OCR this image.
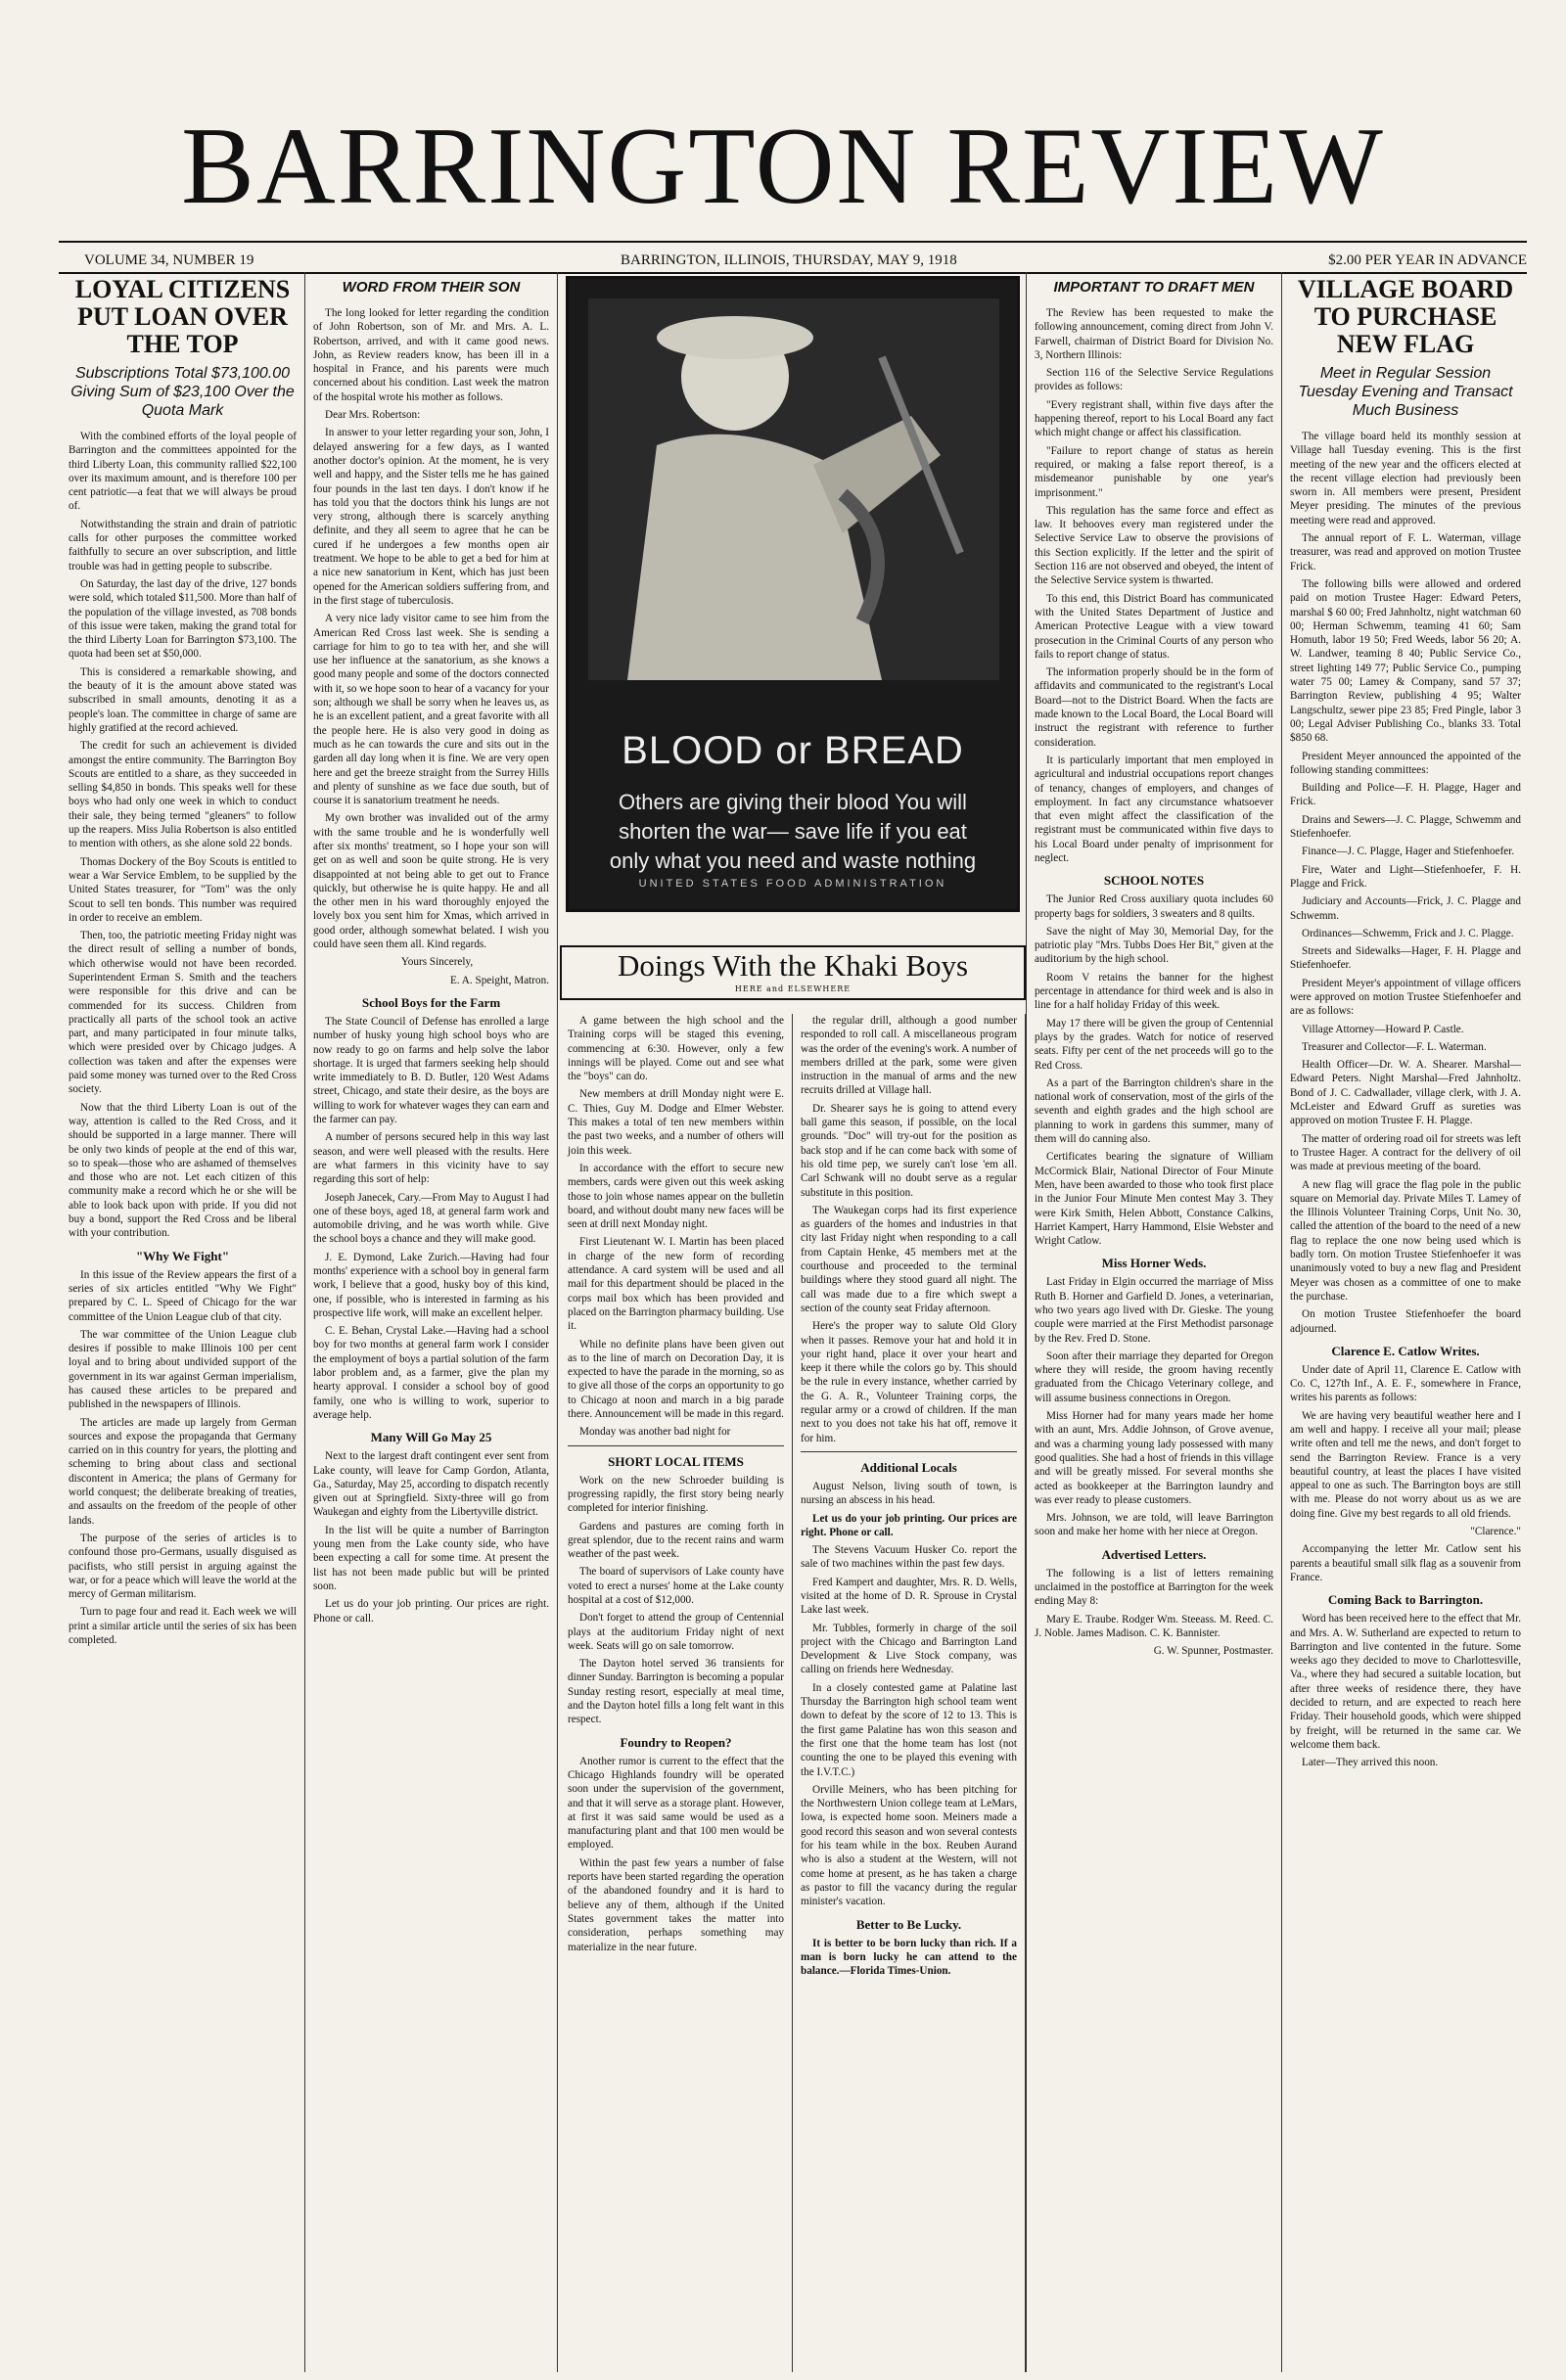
BARRINGTON REVIEW
VOLUME 34, NUMBER 19	BARRINGTON, ILLINOIS, THURSDAY, MAY 9, 1918	$2.00 PER YEAR IN ADVANCE
LOYAL CITIZENS PUT LOAN OVER THE TOP
Subscriptions Total $73,100.00 Giving Sum of $23,100 Over the Quota Mark

With the combined efforts of the loyal people of Barrington and the committees appointed for the third Liberty Loan, this community rallied $22,100 over its maximum amount, and is therefore 100 per cent patriotic—a feat that we will always be proud of.

Notwithstanding the strain and drain of patriotic calls for other purposes the committee worked faithfully to secure an over subscription, and little trouble was had in getting people to subscribe.

On Saturday, the last day of the drive, 127 bonds were sold, which totaled $11,500. More than half of the population of the village invested, as 708 bonds of this issue were taken, making the grand total for the third Liberty Loan for Barrington $73,100. The quota had been set at $50,000.

This is considered a remarkable showing, and the beauty of it is the amount above stated was subscribed in small amounts, denoting it as a people's loan. The committee in charge of same are highly gratified at the record achieved.

The credit for such an achievement is divided amongst the entire community. The Barrington Boy Scouts are entitled to a share, as they succeeded in selling $4,850 in bonds. This speaks well for these boys who had only one week in which to conduct their sale, they being termed "gleaners" to follow up the reapers. Miss Julia Robertson is also entitled to mention with others, as she alone sold 22 bonds.

Thomas Dockery of the Boy Scouts is entitled to wear a War Service Emblem, to be supplied by the United States treasurer, for "Tom" was the only Scout to sell ten bonds. This number was required in order to receive an emblem.

Then, too, the patriotic meeting Friday night was the direct result of selling a number of bonds, which otherwise would not have been recorded. Superintendent Erman S. Smith and the teachers were responsible for this drive and can be commended for its success. Children from practically all parts of the school took an active part, and many participated in four minute talks, which were presided over by Chicago judges. A collection was taken and after the expenses were paid some money was turned over to the Red Cross society.

Now that the third Liberty Loan is out of the way, attention is called to the Red Cross, and it should be supported in a large manner. There will be only two kinds of people at the end of this war, so to speak—those who are ashamed of themselves and those who are not. Let each citizen of this community make a record which he or she will be able to look back upon with pride. If you did not buy a bond, support the Red Cross and be liberal with your contribution.

"Why We Fight"

In this issue of the Review appears the first of a series of six articles entitled "Why We Fight" prepared by C. L. Speed of Chicago for the war committee of the Union League club of that city.

The war committee of the Union League club desires if possible to make Illinois 100 per cent loyal and to bring about undivided support of the government in its war against German imperialism, has caused these articles to be prepared and published in the newspapers of Illinois.

The articles are made up largely from German sources and expose the propaganda that Germany carried on in this country for years, the plotting and scheming to bring about class and sectional discontent in America; the plans of Germany for world conquest; the deliberate breaking of treaties, and assaults on the freedom of the people of other lands.

The purpose of the series of articles is to confound those pro-Germans, usually disguised as pacifists, who still persist in arguing against the war, or for a peace which will leave the world at the mercy of German militarism.

Turn to page four and read it. Each week we will print a similar article until the series of six has been completed.

WORD FROM THEIR SON

The long looked for letter regarding the condition of John Robertson, son of Mr. and Mrs. A. L. Robertson, arrived, and with it came good news. John, as Review readers know, has been ill in a hospital in France, and his parents were much concerned about his condition. Last week the matron of the hospital wrote his mother as follows.

Dear Mrs. Robertson:

In answer to your letter regarding your son, John, I delayed answering for a few days, as I wanted another doctor's opinion. At the moment, he is very well and happy, and the Sister tells me he has gained four pounds in the last ten days. I don't know if he has told you that the doctors think his lungs are not very strong, although there is scarcely anything definite, and they all seem to agree that he can be cured if he undergoes a few months open air treatment. We hope to be able to get a bed for him at a nice new sanatorium in Kent, which has just been opened for the American soldiers suffering from, and in the first stage of tuberculosis.

A very nice lady visitor came to see him from the American Red Cross last week. She is sending a carriage for him to go to tea with her, and she will use her influence at the sanatorium, as she knows a good many people and some of the doctors connected with it, so we hope soon to hear of a vacancy for your son; although we shall be sorry when he leaves us, as he is an excellent patient, and a great favorite with all the people here. He is also very good in doing as much as he can towards the cure and sits out in the garden all day long when it is fine. We are very open here and get the breeze straight from the Surrey Hills and plenty of sunshine as we face due south, but of course it is sanatorium treatment he needs.

My own brother was invalided out of the army with the same trouble and he is wonderfully well after six months' treatment, so I hope your son will get on as well and soon be quite strong. He is very disappointed at not being able to get out to France quickly, but otherwise he is quite happy. He and all the other men in his ward thoroughly enjoyed the lovely box you sent him for Xmas, which arrived in good order, although somewhat belated. I wish you could have seen them all. Kind regards.

Yours Sincerely,

E. A. Speight, Matron.

School Boys for the Farm

The State Council of Defense has enrolled a large number of husky young high school boys who are now ready to go on farms and help solve the labor shortage. It is urged that farmers seeking help should write immediately to B. D. Butler, 120 West Adams street, Chicago, and state their desire, as the boys are willing to work for whatever wages they can earn and the farmer can pay.

A number of persons secured help in this way last season, and were well pleased with the results. Here are what farmers in this vicinity have to say regarding this sort of help:

Joseph Janecek, Cary.—From May to August I had one of these boys, aged 18, at general farm work and automobile driving, and he was worth while. Give the school boys a chance and they will make good.

J. E. Dymond, Lake Zurich.—Having had four months' experience with a school boy in general farm work, I believe that a good, husky boy of this kind, one, if possible, who is interested in farming as his prospective life work, will make an excellent helper.

C. E. Behan, Crystal Lake.—Having had a school boy for two months at general farm work I consider the employment of boys a partial solution of the farm labor problem and, as a farmer, give the plan my hearty approval. I consider a school boy of good family, one who is willing to work, superior to average help.

Many Will Go May 25

Next to the largest draft contingent ever sent from Lake county, will leave for Camp Gordon, Atlanta, Ga., Saturday, May 25, according to dispatch recently given out at Springfield. Sixty-three will go from Waukegan and eighty from the Libertyville district.

In the list will be quite a number of Barrington young men from the Lake county side, who have been expecting a call for some time. At present the list has not been made public but will be printed soon.

Let us do your job printing. Our prices are right. Phone or call.

BLOOD or BREAD
Others are giving their blood You will shorten the war— save life if you eat only what you need and waste nothing
UNITED STATES FOOD ADMINISTRATION
Doings With the Khaki Boys
HERE and ELSEWHERE

A game between the high school and the Training corps will be staged this evening, commencing at 6:30. However, only a few innings will be played. Come out and see what the "boys" can do.

New members at drill Monday night were E. C. Thies, Guy M. Dodge and Elmer Webster. This makes a total of ten new members within the past two weeks, and a number of others will join this week.

In accordance with the effort to secure new members, cards were given out this week asking those to join whose names appear on the bulletin board, and without doubt many new faces will be seen at drill next Monday night.

First Lieutenant W. I. Martin has been placed in charge of the new form of recording attendance. A card system will be used and all mail for this department should be placed in the corps mail box which has been provided and placed on the Barrington pharmacy building. Use it.

While no definite plans have been given out as to the line of march on Decoration Day, it is expected to have the parade in the morning, so as to give all those of the corps an opportunity to go to Chicago at noon and march in a big parade there. Announcement will be made in this regard.

Monday was another bad night for

SHORT LOCAL ITEMS

Work on the new Schroeder building is progressing rapidly, the first story being nearly completed for interior finishing.

Gardens and pastures are coming forth in great splendor, due to the recent rains and warm weather of the past week.

The board of supervisors of Lake county have voted to erect a nurses' home at the Lake county hospital at a cost of $12,000.

Don't forget to attend the group of Centennial plays at the auditorium Friday night of next week. Seats will go on sale tomorrow.

The Dayton hotel served 36 transients for dinner Sunday. Barrington is becoming a popular Sunday resting resort, especially at meal time, and the Dayton hotel fills a long felt want in this respect.

Foundry to Reopen?

Another rumor is current to the effect that the Chicago Highlands foundry will be operated soon under the supervision of the government, and that it will serve as a storage plant. However, at first it was said same would be used as a manufacturing plant and that 100 men would be employed.

Within the past few years a number of false reports have been started regarding the operation of the abandoned foundry and it is hard to believe any of them, although if the United States government takes the matter into consideration, perhaps something may materialize in the near future.

the regular drill, although a good number responded to roll call. A miscellaneous program was the order of the evening's work. A number of members drilled at the park, some were given instruction in the manual of arms and the new recruits drilled at Village hall.

Dr. Shearer says he is going to attend every ball game this season, if possible, on the local grounds. "Doc" will try-out for the position as back stop and if he can come back with some of his old time pep, we surely can't lose 'em all. Carl Schwank will no doubt serve as a regular substitute in this position.

The Waukegan corps had its first experience as guarders of the homes and industries in that city last Friday night when responding to a call from Captain Henke, 45 members met at the courthouse and proceeded to the terminal buildings where they stood guard all night. The call was made due to a fire which swept a section of the county seat Friday afternoon.

Here's the proper way to salute Old Glory when it passes. Remove your hat and hold it in your right hand, place it over your heart and keep it there while the colors go by. This should be the rule in every instance, whether carried by the G. A. R., Volunteer Training corps, the regular army or a crowd of children. If the man next to you does not take his hat off, remove it for him.

Additional Locals

August Nelson, living south of town, is nursing an abscess in his head.

Let us do your job printing. Our prices are right. Phone or call.

The Stevens Vacuum Husker Co. report the sale of two machines within the past few days.

Fred Kampert and daughter, Mrs. R. D. Wells, visited at the home of D. R. Sprouse in Crystal Lake last week.

Mr. Tubbles, formerly in charge of the soil project with the Chicago and Barrington Land Development & Live Stock company, was calling on friends here Wednesday.

In a closely contested game at Palatine last Thursday the Barrington high school team went down to defeat by the score of 12 to 13. This is the first game Palatine has won this season and the first one that the home team has lost (not counting the one to be played this evening with the I.V.T.C.)

Orville Meiners, who has been pitching for the Northwestern Union college team at LeMars, Iowa, is expected home soon. Meiners made a good record this season and won several contests for his team while in the box. Reuben Aurand who is also a student at the Western, will not come home at present, as he has taken a charge as pastor to fill the vacancy during the regular minister's vacation.

Better to Be Lucky.

It is better to be born lucky than rich. If a man is born lucky he can attend to the balance.—Florida Times-Union.

IMPORTANT TO DRAFT MEN

The Review has been requested to make the following announcement, coming direct from John V. Farwell, chairman of District Board for Division No. 3, Northern Illinois:

Section 116 of the Selective Service Regulations provides as follows:

"Every registrant shall, within five days after the happening thereof, report to his Local Board any fact which might change or affect his classification.

"Failure to report change of status as herein required, or making a false report thereof, is a misdemeanor punishable by one year's imprisonment."

This regulation has the same force and effect as law. It behooves every man registered under the Selective Service Law to observe the provisions of this Section explicitly. If the letter and the spirit of Section 116 are not observed and obeyed, the intent of the Selective Service system is thwarted.

To this end, this District Board has communicated with the United States Department of Justice and American Protective League with a view toward prosecution in the Criminal Courts of any person who fails to report change of status.

The information properly should be in the form of affidavits and communicated to the registrant's Local Board—not to the District Board. When the facts are made known to the Local Board, the Local Board will instruct the registrant with reference to further consideration.

It is particularly important that men employed in agricultural and industrial occupations report changes of tenancy, changes of employers, and changes of employment. In fact any circumstance whatsoever that even might affect the classification of the registrant must be communicated within five days to his Local Board under penalty of imprisonment for neglect.

SCHOOL NOTES

The Junior Red Cross auxiliary quota includes 60 property bags for soldiers, 3 sweaters and 8 quilts.

Save the night of May 30, Memorial Day, for the patriotic play "Mrs. Tubbs Does Her Bit," given at the auditorium by the high school.

Room V retains the banner for the highest percentage in attendance for third week and is also in line for a half holiday Friday of this week.

May 17 there will be given the group of Centennial plays by the grades. Watch for notice of reserved seats. Fifty per cent of the net proceeds will go to the Red Cross.

As a part of the Barrington children's share in the national work of conservation, most of the girls of the seventh and eighth grades and the high school are planning to work in gardens this summer, many of them will do canning also.

Certificates bearing the signature of William McCormick Blair, National Director of Four Minute Men, have been awarded to those who took first place in the Junior Four Minute Men contest May 3. They were Kirk Smith, Helen Abbott, Constance Calkins, Harriet Kampert, Harry Hammond, Elsie Webster and Wright Catlow.

Miss Horner Weds.

Last Friday in Elgin occurred the marriage of Miss Ruth B. Horner and Garfield D. Jones, a veterinarian, who two years ago lived with Dr. Gieske. The young couple were married at the First Methodist parsonage by the Rev. Fred D. Stone.

Soon after their marriage they departed for Oregon where they will reside, the groom having recently graduated from the Chicago Veterinary college, and will assume business connections in Oregon.

Miss Horner had for many years made her home with an aunt, Mrs. Addie Johnson, of Grove avenue, and was a charming young lady possessed with many good qualities. She had a host of friends in this village and will be greatly missed. For several months she acted as bookkeeper at the Barrington laundry and was ever ready to please customers.

Mrs. Johnson, we are told, will leave Barrington soon and make her home with her niece at Oregon.

Advertised Letters.

The following is a list of letters remaining unclaimed in the postoffice at Barrington for the week ending May 8:

Mary E. Traube. Rodger Wm. Steeass. M. Reed. C. J. Noble. James Madison. C. K. Bannister.

G. W. Spunner, Postmaster.

VILLAGE BOARD TO PURCHASE NEW FLAG
Meet in Regular Session Tuesday Evening and Transact Much Business

The village board held its monthly session at Village hall Tuesday evening. This is the first meeting of the new year and the officers elected at the recent village election had previously been sworn in. All members were present, President Meyer presiding. The minutes of the previous meeting were read and approved.

The annual report of F. L. Waterman, village treasurer, was read and approved on motion Trustee Frick.

The following bills were allowed and ordered paid on motion Trustee Hager: Edward Peters, marshal $ 60 00; Fred Jahnholtz, night watchman 60 00; Herman Schwemm, teaming 41 60; Sam Homuth, labor 19 50; Fred Weeds, labor 56 20; A. W. Landwer, teaming 8 40; Public Service Co., street lighting 149 77; Public Service Co., pumping water 75 00; Lamey & Company, sand 57 37; Barrington Review, publishing 4 95; Walter Langschultz, sewer pipe 23 85; Fred Pingle, labor 3 00; Legal Adviser Publishing Co., blanks 33. Total $850 68.

President Meyer announced the appointed of the following standing committees:

Building and Police—F. H. Plagge, Hager and Frick.

Drains and Sewers—J. C. Plagge, Schwemm and Stiefenhoefer.

Finance—J. C. Plagge, Hager and Stiefenhoefer.

Fire, Water and Light—Stiefenhoefer, F. H. Plagge and Frick.

Judiciary and Accounts—Frick, J. C. Plagge and Schwemm.

Ordinances—Schwemm, Frick and J. C. Plagge.

Streets and Sidewalks—Hager, F. H. Plagge and Stiefenhoefer.

President Meyer's appointment of village officers were approved on motion Trustee Stiefenhoefer and are as follows:

Village Attorney—Howard P. Castle.

Treasurer and Collector—F. L. Waterman.

Health Officer—Dr. W. A. Shearer. Marshal—Edward Peters. Night Marshal—Fred Jahnholtz. Bond of J. C. Cadwallader, village clerk, with J. A. McLeister and Edward Gruff as sureties was approved on motion Trustee F. H. Plagge.

The matter of ordering road oil for streets was left to Trustee Hager. A contract for the delivery of oil was made at previous meeting of the board.

A new flag will grace the flag pole in the public square on Memorial day. Private Miles T. Lamey of the Illinois Volunteer Training Corps, Unit No. 30, called the attention of the board to the need of a new flag to replace the one now being used which is badly torn. On motion Trustee Stiefenhoefer it was unanimously voted to buy a new flag and President Meyer was chosen as a committee of one to make the purchase.

On motion Trustee Stiefenhoefer the board adjourned.

Clarence E. Catlow Writes.

Under date of April 11, Clarence E. Catlow with Co. C, 127th Inf., A. E. F., somewhere in France, writes his parents as follows:

We are having very beautiful weather here and I am well and happy. I receive all your mail; please write often and tell me the news, and don't forget to send the Barrington Review. France is a very beautiful country, at least the places I have visited appeal to one as such. The Barrington boys are still with me. Please do not worry about us as we are doing fine. Give my best regards to all old friends.

"Clarence."

Accompanying the letter Mr. Catlow sent his parents a beautiful small silk flag as a souvenir from France.

Coming Back to Barrington.

Word has been received here to the effect that Mr. and Mrs. A. W. Sutherland are expected to return to Barrington and live contented in the future. Some weeks ago they decided to move to Charlottesville, Va., where they had secured a suitable location, but after three weeks of residence there, they have decided to return, and are expected to reach here Friday. Their household goods, which were shipped by freight, will be returned in the same car. We welcome them back.

Later—They arrived this noon.
